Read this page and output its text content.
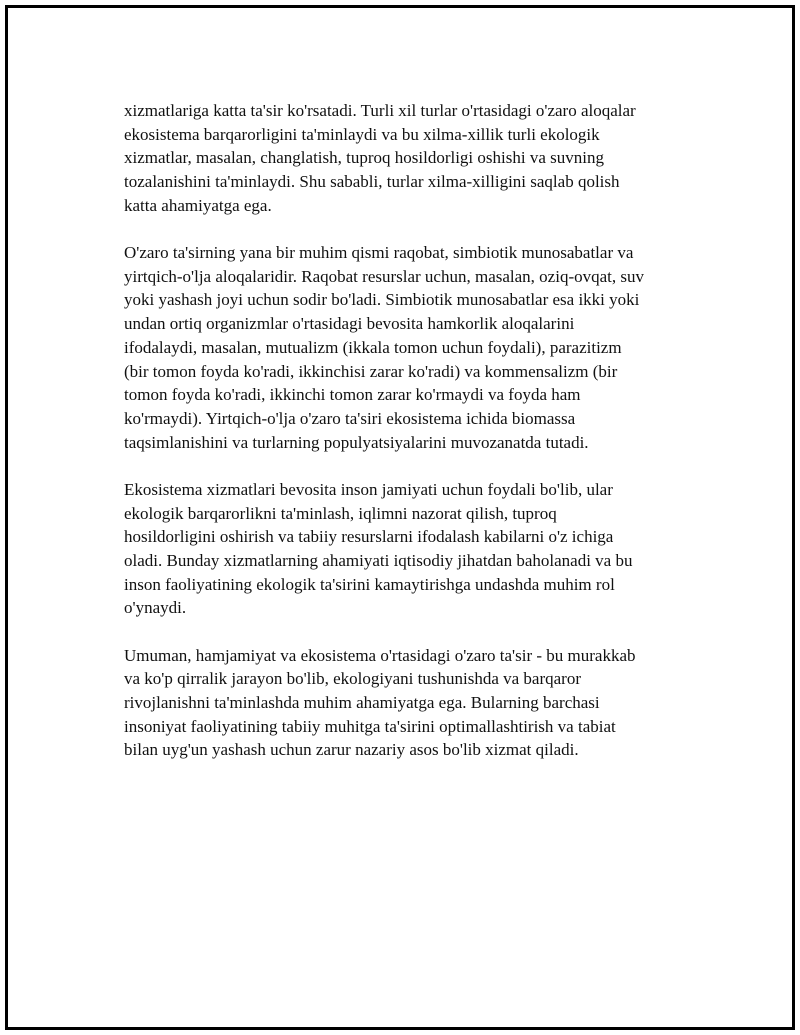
xizmatlariga katta ta'sir ko'rsatadi. Turli xil turlar o'rtasidagi o'zaro aloqalar
ekosistema barqarorligini ta'minlaydi va bu xilma-xillik turli ekologik
xizmatlar, masalan, changlatish, tuproq hosildorligi oshishi va suvning
tozalanishini ta'minlaydi. Shu sababli, turlar xilma-xilligini saqlab qolish
katta ahamiyatga ega.

O'zaro ta'sirning yana bir muhim qismi raqobat, simbiotik munosabatlar va
yirtqich-o'lja aloqalaridir. Raqobat resurslar uchun, masalan, oziq-ovqat, suv
yoki yashash joyi uchun sodir bo'ladi. Simbiotik munosabatlar esa ikki yoki
undan ortiq organizmlar o'rtasidagi bevosita hamkorlik aloqalarini
ifodalaydi, masalan, mutualizm (ikkala tomon uchun foydali), parazitizm
(bir tomon foyda ko'radi, ikkinchisi zarar ko'radi) va kommensalizm (bir
tomon foyda ko'radi, ikkinchi tomon zarar ko'rmaydi va foyda ham
ko'rmaydi). Yirtqich-o'lja o'zaro ta'siri ekosistema ichida biomassa
taqsimlanishini va turlarning populyatsiyalarini muvozanatda tutadi.

Ekosistema xizmatlari bevosita inson jamiyati uchun foydali bo'lib, ular
ekologik barqarorlikni ta'minlash, iqlimni nazorat qilish, tuproq
hosildorligini oshirish va tabiiy resurslarni ifodalash kabilarni o'z ichiga
oladi. Bunday xizmatlarning ahamiyati iqtisodiy jihatdan baholanadi va bu
inson faoliyatining ekologik ta'sirini kamaytirishga undashda muhim rol
o'ynaydi.

Umuman, hamjamiyat va ekosistema o'rtasidagi o'zaro ta'sir - bu murakkab
va ko'p qirralik jarayon bo'lib, ekologiyani tushunishda va barqaror
rivojlanishni ta'minlashda muhim ahamiyatga ega. Bularning barchasi
insoniyat faoliyatining tabiiy muhitga ta'sirini optimallashtirish va tabiat
bilan uyg'un yashash uchun zarur nazariy asos bo'lib xizmat qiladi.
